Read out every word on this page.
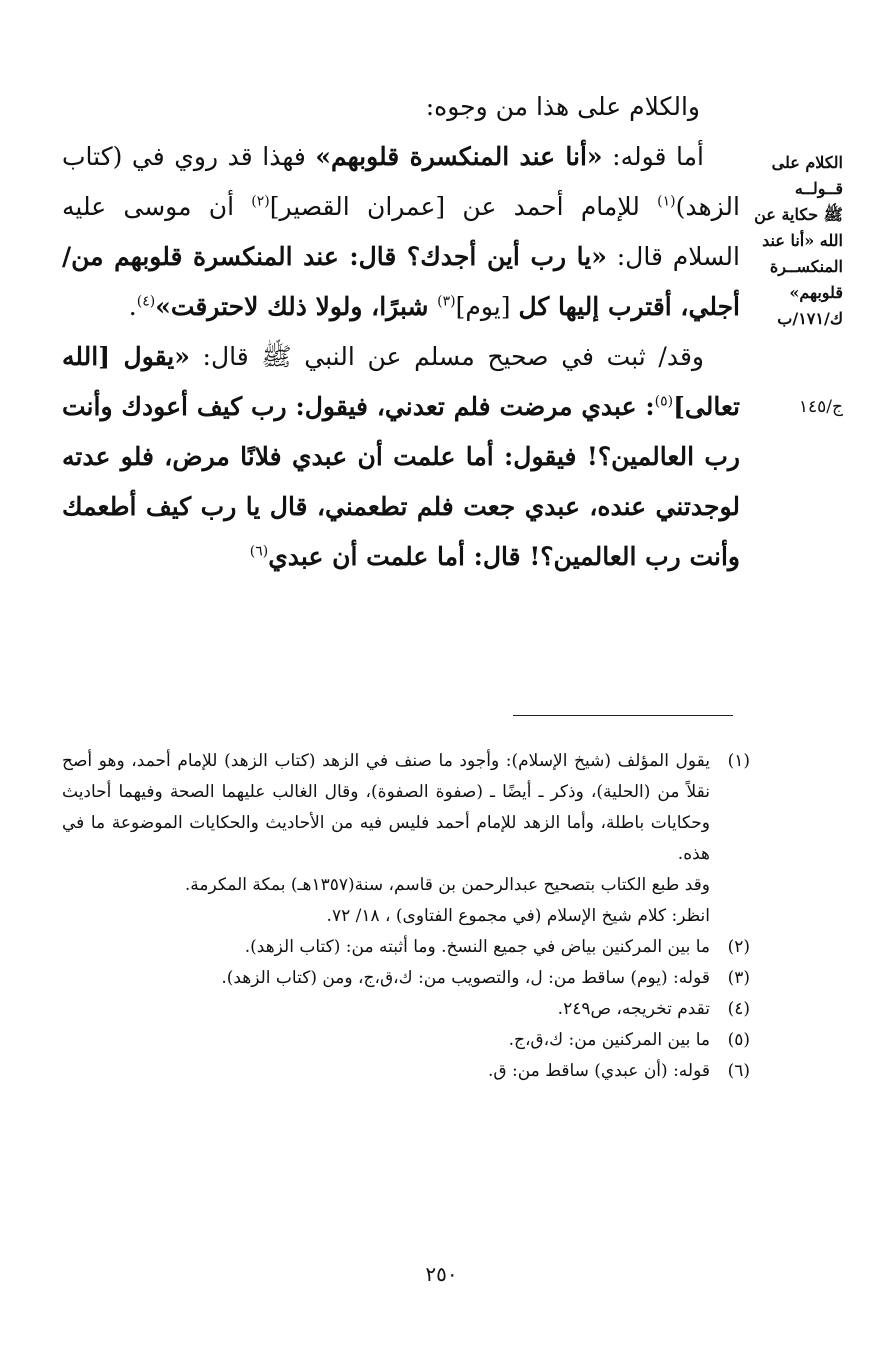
والكلام على هذا من وجوه:

أما قوله: «أنا عند المنكسرة قلوبهم» فهذا قد روي في (كتاب الزهد)$^{(١)}$ للإمام أحمد عن [عمران القصير]$^{(٢)}$ أن موسى عليه السلام قال: «يا رب أين أجدك؟ قال: عند المنكسرة قلوبهم من/ أجلي، أقترب إليها كل [يوم]$^{(٣)}$ شبرًا، ولولا ذلك لاحترقت»$^{(٤)}$.

وقد/ ثبت في صحيح مسلم عن النبي ﷺ قال: «يقول [الله تعالى]$^{(٥)}$: عبدي مرضت فلم تعدني، فيقول: رب كيف أعودك وأنت رب العالمين؟! فيقول: أما علمت أن عبدي فلانًا مرض، فلو عدته لوجدتني عنده، عبدي جعت فلم تطعمني، قال يا رب كيف أطعمك وأنت رب العالمين؟! قال: أما علمت أن عبدي$^{(٦)}$

الكلام على
قــولــه
ﷺ حكاية عن
الله «أنا عند
المنكســرة
قلوبهم»
ك/١٧١/ب
ج/١٤٥
(١)

يقول المؤلف (شيخ الإسلام): وأجود ما صنف في الزهد (كتاب الزهد) للإمام أحمد، وهو أصح نقلاً من (الحلية)، وذكر ـ أيضًا ـ (صفوة الصفوة)، وقال الغالب عليهما الصحة وفيهما أحاديث وحكايات باطلة، وأما الزهد للإمام أحمد فليس فيه من الأحاديث والحكايات الموضوعة ما في هذه.

وقد طبع الكتاب بتصحيح عبدالرحمن بن قاسم، سنة(١٣٥٧هـ) بمكة المكرمة.

انظر: كلام شيخ الإسلام (في مجموع الفتاوى) ، ١٨/ ٧٢.

(٢)

ما بين المركنين بياض في جميع النسخ. وما أثبته من: (كتاب الزهد).

(٣)

قوله: (يوم) ساقط من: ل، والتصويب من: ك،ق،ج، ومن (كتاب الزهد).

(٤)

تقدم تخريجه، ص٢٤٩.

(٥)

ما بين المركنين من: ك،ق،ج.

(٦)

قوله: (أن عبدي) ساقط من: ق.

٢٥٠
